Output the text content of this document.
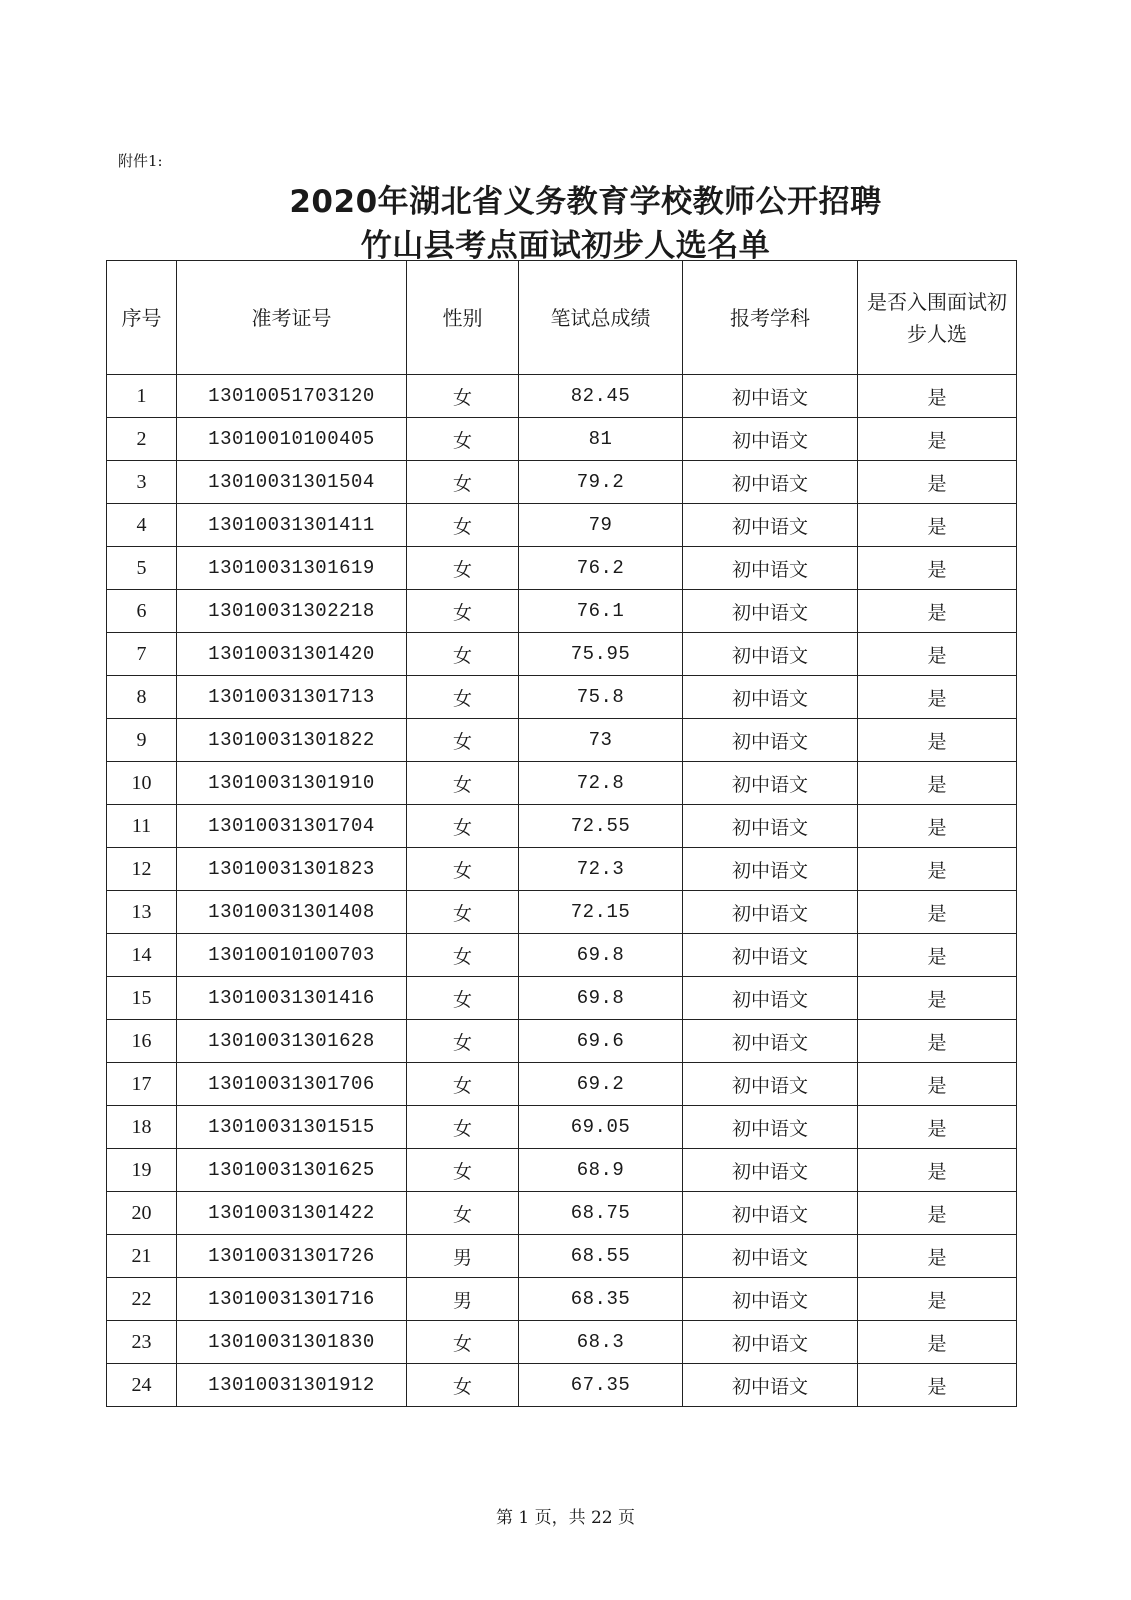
附件1:
2020年湖北省义务教育学校教师公开招聘
竹山县考点面试初步人选名单
序号	准考证号	性别	笔试总成绩	报考学科	是否入围面试初步人选
1	13010051703120	女	82.45	初中语文	是
2	13010010100405	女	81	初中语文	是
3	13010031301504	女	79.2	初中语文	是
4	13010031301411	女	79	初中语文	是
5	13010031301619	女	76.2	初中语文	是
6	13010031302218	女	76.1	初中语文	是
7	13010031301420	女	75.95	初中语文	是
8	13010031301713	女	75.8	初中语文	是
9	13010031301822	女	73	初中语文	是
10	13010031301910	女	72.8	初中语文	是
11	13010031301704	女	72.55	初中语文	是
12	13010031301823	女	72.3	初中语文	是
13	13010031301408	女	72.15	初中语文	是
14	13010010100703	女	69.8	初中语文	是
15	13010031301416	女	69.8	初中语文	是
16	13010031301628	女	69.6	初中语文	是
17	13010031301706	女	69.2	初中语文	是
18	13010031301515	女	69.05	初中语文	是
19	13010031301625	女	68.9	初中语文	是
20	13010031301422	女	68.75	初中语文	是
21	13010031301726	男	68.55	初中语文	是
22	13010031301716	男	68.35	初中语文	是
23	13010031301830	女	68.3	初中语文	是
24	13010031301912	女	67.35	初中语文	是
第 1 页，共 22 页
